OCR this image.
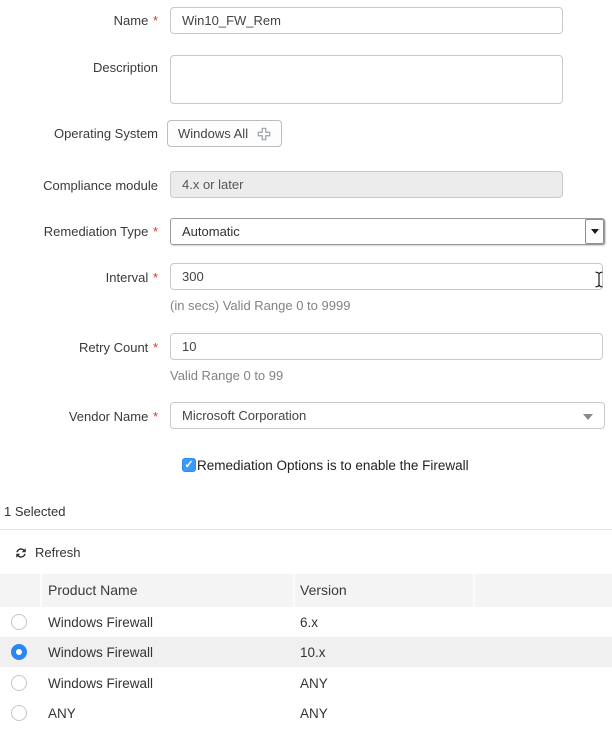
Name *
Win10_FW_Rem
Description
Operating System Windows All
Compliance module 4.x or later
Remediation Type * Automatic
Interval *
300
(in secs) Valid Range 0 to 9999
Retry Count *
10
Valid Range 0 to 99
Vendor Name * Microsoft Corporation
✓ Remediation Options is to enable the Firewall
1 Selected
Refresh
Product Name	Version
Windows Firewall	6.x
Windows Firewall	10.x
Windows Firewall	ANY
ANY	ANY
